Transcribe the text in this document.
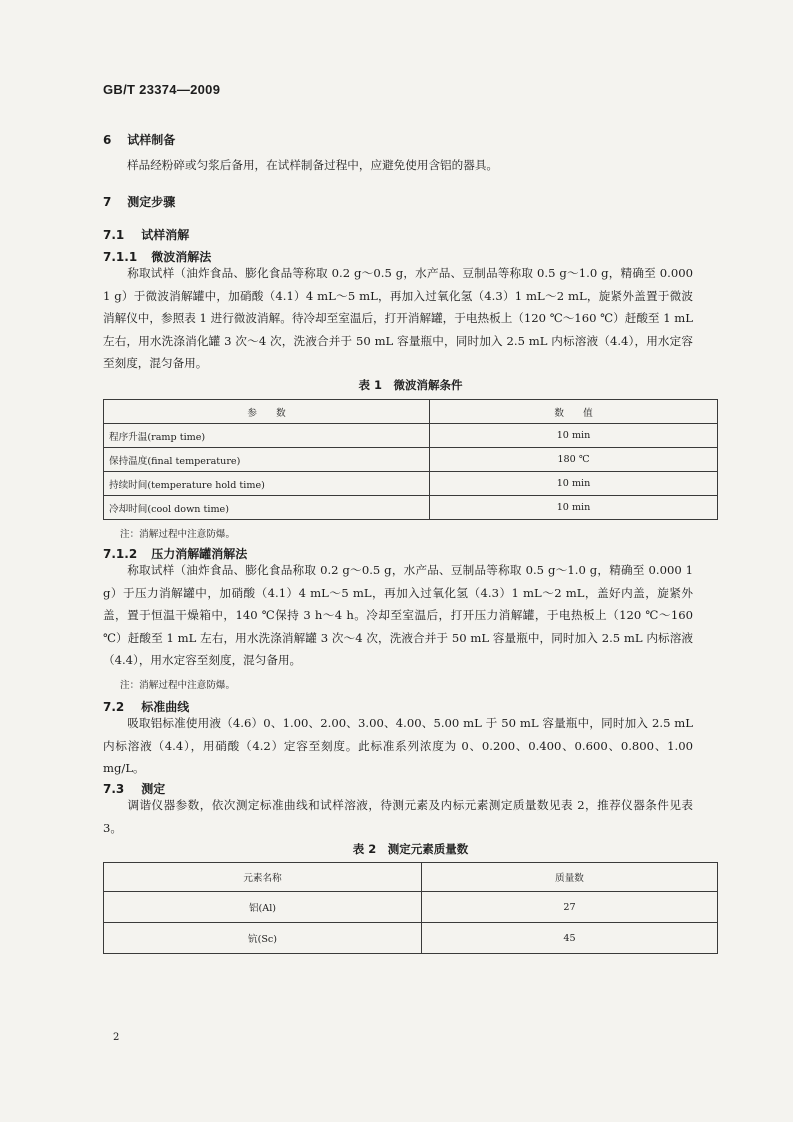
GB/T 23374—2009
6 试样制备
样品经粉碎或匀浆后备用，在试样制备过程中，应避免使用含铝的器具。
7 测定步骤
7.1 试样消解
7.1.1 微波消解法
称取试样（油炸食品、膨化食品等称取 0.2 g～0.5 g，水产品、豆制品等称取 0.5 g～1.0 g，精确至 0.000 1 g）于微波消解罐中，加硝酸（4.1）4 mL～5 mL，再加入过氧化氢（4.3）1 mL～2 mL，旋紧外盖置于微波消解仪中，参照表 1 进行微波消解。待冷却至室温后，打开消解罐，于电热板上（120 ℃～160 ℃）赶酸至 1 mL 左右，用水洗涤消化罐 3 次～4 次，洗液合并于 50 mL 容量瓶中，同时加入 2.5 mL 内标溶液（4.4），用水定容至刻度，混匀备用。
表 1　微波消解条件
参　　数	数　　值
程序升温(ramp time)	10 min
保持温度(final temperature)	180 ℃
持续时间(temperature hold time)	10 min
冷却时间(cool down time)	10 min
注：消解过程中注意防爆。
7.1.2 压力消解罐消解法
称取试样（油炸食品、膨化食品称取 0.2 g～0.5 g，水产品、豆制品等称取 0.5 g～1.0 g，精确至 0.000 1 g）于压力消解罐中，加硝酸（4.1）4 mL～5 mL，再加入过氧化氢（4.3）1 mL～2 mL，盖好内盖，旋紧外盖，置于恒温干燥箱中，140 ℃保持 3 h～4 h。冷却至室温后，打开压力消解罐，于电热板上（120 ℃～160 ℃）赶酸至 1 mL 左右，用水洗涤消解罐 3 次～4 次，洗液合并于 50 mL 容量瓶中，同时加入 2.5 mL 内标溶液（4.4），用水定容至刻度，混匀备用。
注：消解过程中注意防爆。
7.2 标准曲线
吸取铝标准使用液（4.6）0、1.00、2.00、3.00、4.00、5.00 mL 于 50 mL 容量瓶中，同时加入 2.5 mL 内标溶液（4.4），用硝酸（4.2）定容至刻度。此标准系列浓度为 0、0.200、0.400、0.600、0.800、1.00 mg/L。
7.3 测定
调谐仪器参数，依次测定标准曲线和试样溶液，待测元素及内标元素测定质量数见表 2，推荐仪器条件见表 3。
表 2　测定元素质量数
元素名称	质量数
铝(Al)	27
钪(Sc)	45
2
